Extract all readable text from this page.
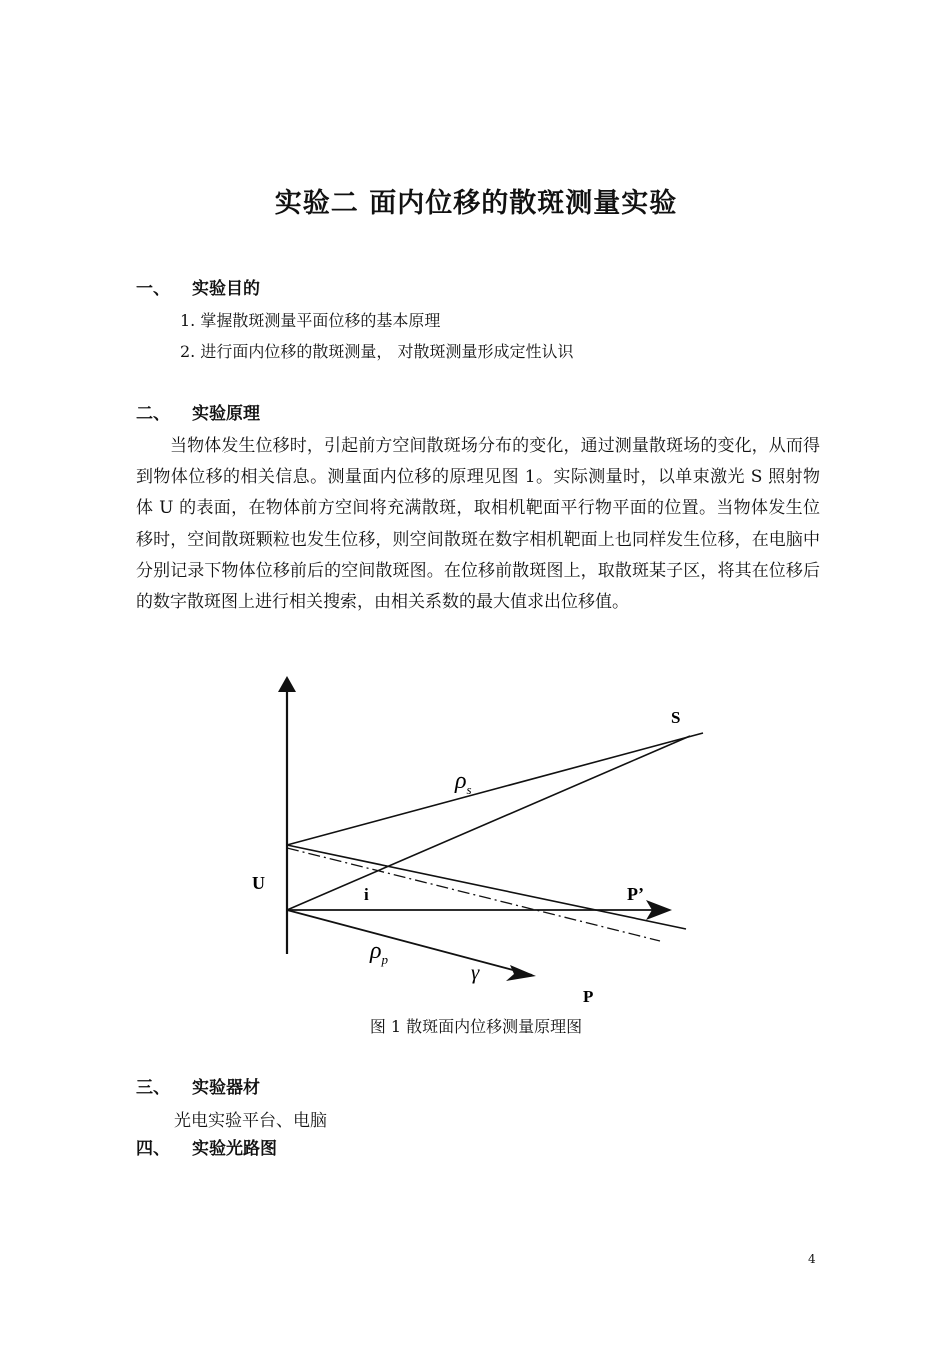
实验二 面内位移的散斑测量实验
一、 实验目的
1. 掌握散斑测量平面位移的基本原理
2. 进行面内位移的散斑测量， 对散斑测量形成定性认识
二、 实验原理

当物体发生位移时，引起前方空间散斑场分布的变化，通过测量散斑场的变化，从而得 到物体位移的相关信息。测量面内位移的原理见图 1。实际测量时，以单束激光 S 照射物体 U 的表面，在物体前方空间将充满散斑，取相机靶面平行物平面的位置。当物体发生位移时，空间散斑颗粒也发生位移，则空间散斑在数字相机靶面上也同样发生位移，在电脑中分别记录下物体位移前后的空间散斑图。在位移前散斑图上，取散斑某子区，将其在位移后的数字散斑图上进行相关搜索，由相关系数的最大值求出位移值。

S
U
i	P’
P
$\rho_s$
$\rho_p$
γ
图 1 散斑面内位移测量原理图
三、 实验器材
光电实验平台、电脑
四、 实验光路图
4
